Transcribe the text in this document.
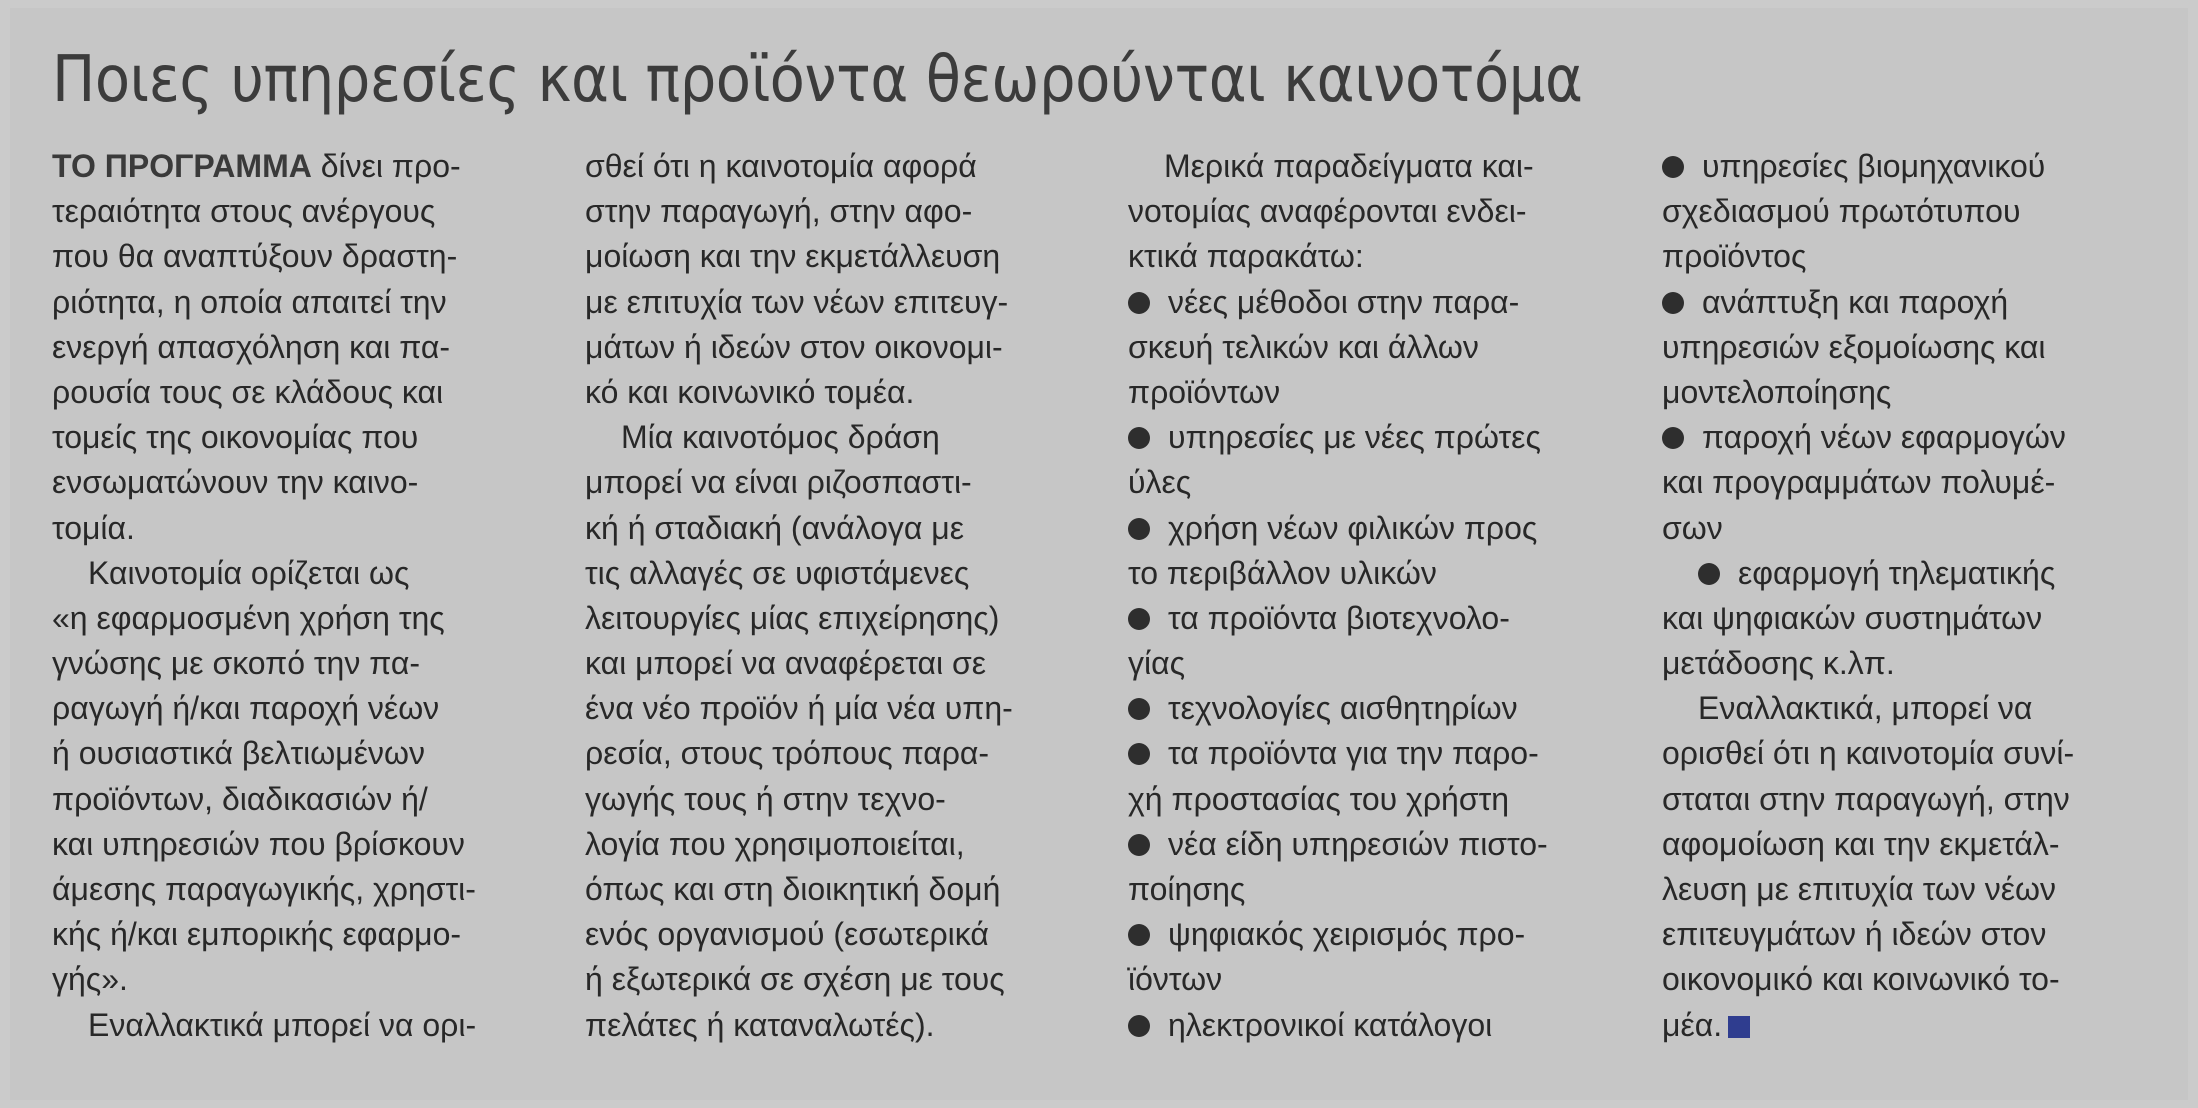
Ποιες υπηρεσίες και προϊόντα θεωρούνται καινοτόμα
ΤΟ ΠΡΟΓΡΑΜΜΑ δίνει προ-
τεραιότητα στους ανέργους
που θα αναπτύξουν δραστη-
ριότητα, η οποία απαιτεί την
ενεργή απασχόληση και πα-
ρουσία τους σε κλάδους και
τομείς της οικονομίας που
ενσωματώνουν την καινο-
τομία.
Καινοτομία ορίζεται ως
«η εφαρμοσμένη χρήση της
γνώσης με σκοπό την πα-
ραγωγή ή/και παροχή νέων
ή ουσιαστικά βελτιωμένων
προϊόντων, διαδικασιών ή/
και υπηρεσιών που βρίσκουν
άμεσης παραγωγικής, χρηστι-
κής ή/και εμπορικής εφαρμο-
γής».
Εναλλακτικά μπορεί να ορι-
σθεί ότι η καινοτομία αφορά
στην παραγωγή, στην αφο-
μοίωση και την εκμετάλλευση
με επιτυχία των νέων επιτευγ-
μάτων ή ιδεών στον οικονομι-
κό και κοινωνικό τομέα.
Μία καινοτόμος δράση
μπορεί να είναι ριζοσπαστι-
κή ή σταδιακή (ανάλογα με
τις αλλαγές σε υφιστάμενες
λειτουργίες μίας επιχείρησης)
και μπορεί να αναφέρεται σε
ένα νέο προϊόν ή μία νέα υπη-
ρεσία, στους τρόπους παρα-
γωγής τους ή στην τεχνο-
λογία που χρησιμοποιείται,
όπως και στη διοικητική δομή
ενός οργανισμού (εσωτερικά
ή εξωτερικά σε σχέση με τους
πελάτες ή καταναλωτές).
Μερικά παραδείγματα και-
νοτομίας αναφέρονται ενδει-
κτικά παρακάτω:
νέες μέθοδοι στην παρα-
σκευή τελικών και άλλων
προϊόντων
υπηρεσίες με νέες πρώτες
ύλες
χρήση νέων φιλικών προς
το περιβάλλον υλικών
τα προϊόντα βιοτεχνολο-
γίας
τεχνολογίες αισθητηρίων
τα προϊόντα για την παρο-
χή προστασίας του χρήστη
νέα είδη υπηρεσιών πιστο-
ποίησης
ψηφιακός χειρισμός προ-
ϊόντων
ηλεκτρονικοί κατάλογοι
υπηρεσίες βιομηχανικού
σχεδιασμού πρωτότυπου
προϊόντος
ανάπτυξη και παροχή
υπηρεσιών εξομοίωσης και
μοντελοποίησης
παροχή νέων εφαρμογών
και προγραμμάτων πολυμέ-
σων
εφαρμογή τηλεματικής
και ψηφιακών συστημάτων
μετάδοσης κ.λπ.
Εναλλακτικά, μπορεί να
ορισθεί ότι η καινοτομία συνί-
σταται στην παραγωγή, στην
αφομοίωση και την εκμετάλ-
λευση με επιτυχία των νέων
επιτευγμάτων ή ιδεών στον
οικονομικό και κοινωνικό το-
μέα.
